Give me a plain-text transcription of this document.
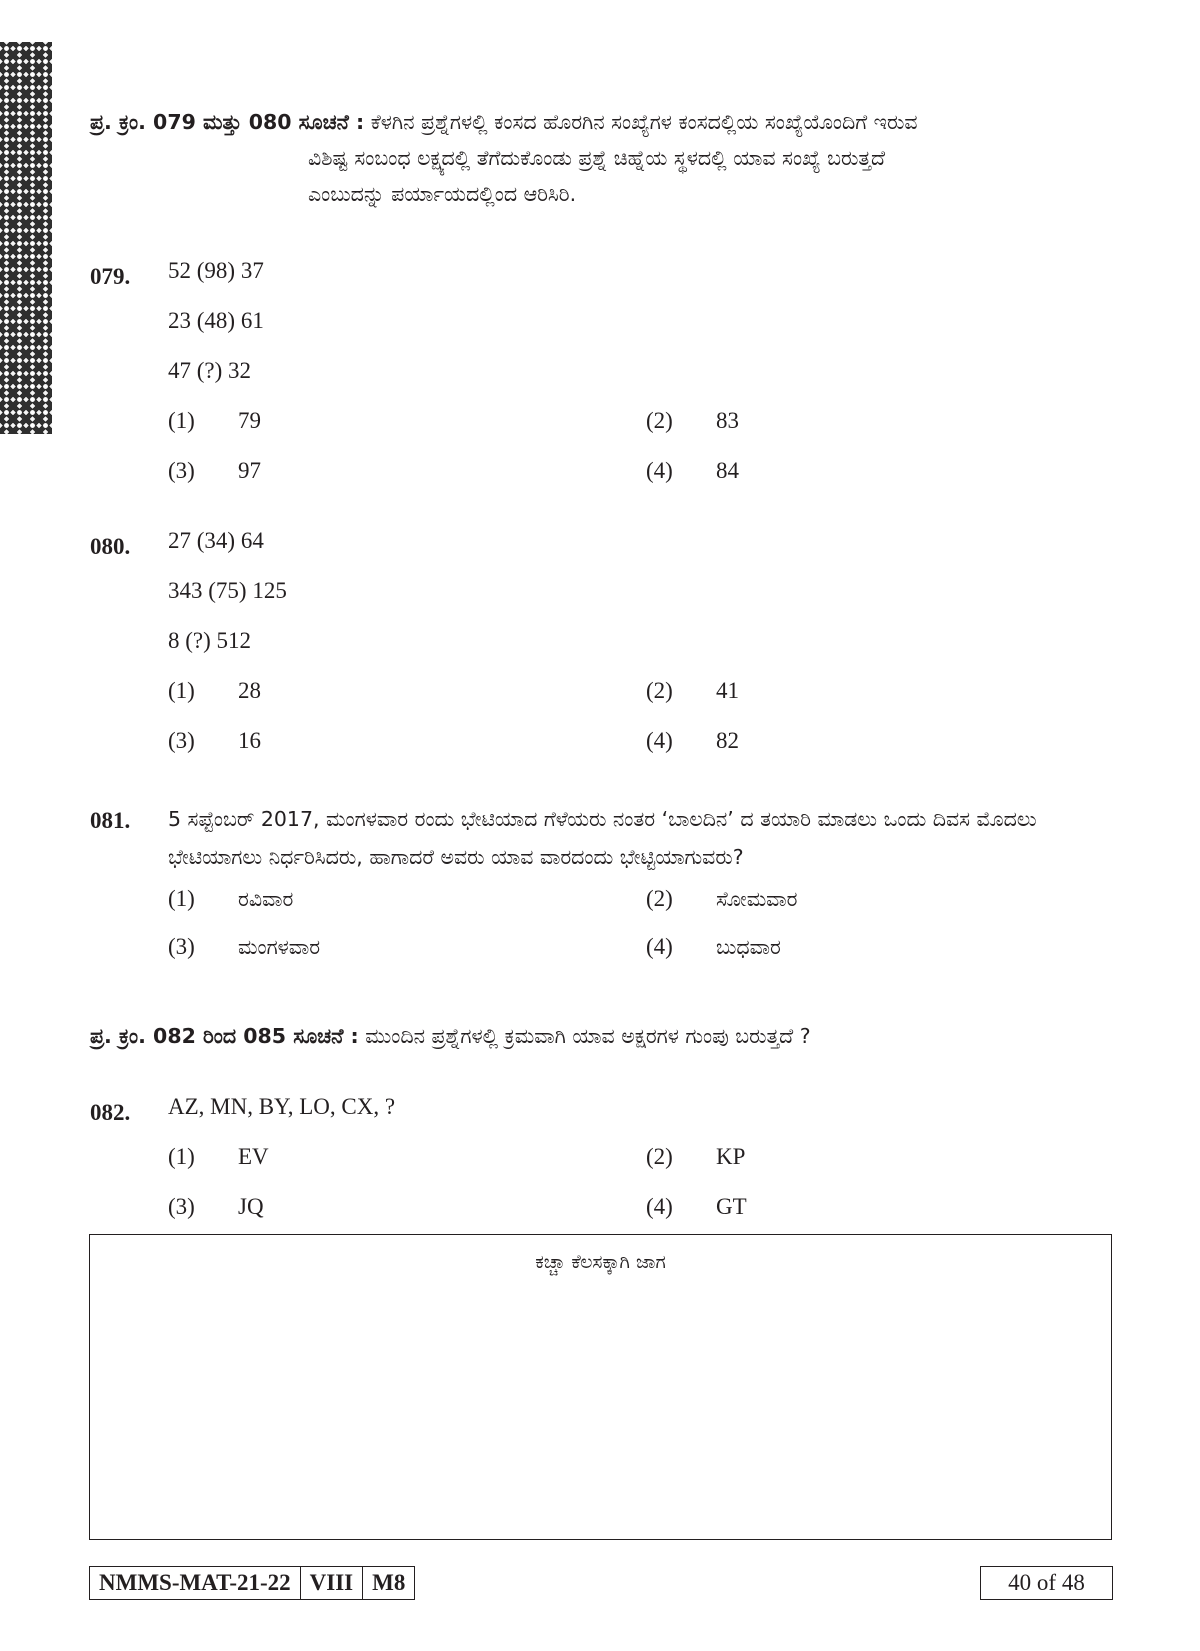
ಪ್ರ. ಕ್ರಂ. 079 ಮತ್ತು 080 ಸೂಚನೆ : ಕೆಳಗಿನ ಪ್ರಶ್ನೆಗಳಲ್ಲಿ ಕಂಸದ ಹೊರಗಿನ ಸಂಖ್ಯೆಗಳ ಕಂಸದಲ್ಲಿಯ ಸಂಖ್ಯೆಯೊಂದಿಗೆ ಇರುವ
ವಿಶಿಷ್ಟ ಸಂಬಂಧ ಲಕ್ಷ್ಯದಲ್ಲಿ ತೆಗೆದುಕೊಂಡು ಪ್ರಶ್ನೆ ಚಿಹ್ನೆಯ ಸ್ಥಳದಲ್ಲಿ ಯಾವ ಸಂಖ್ಯೆ ಬರುತ್ತದೆ
ಎಂಬುದನ್ನು ಪರ್ಯಾಯದಲ್ಲಿಂದ ಆರಿಸಿರಿ.
079. 52 (98) 37
23 (48) 61
47 (?) 32
(1) 79	(2) 83
(3) 97	(4) 84
080. 27 (34) 64
343 (75) 125
8 (?) 512
(1) 28	(2) 41
(3) 16	(4) 82
081. 5 ಸಪ್ಟೆಂಬರ್ 2017, ಮಂಗಳವಾರ ರಂದು ಭೇಟಿಯಾದ ಗೆಳೆಯರು ನಂತರ ‘ಬಾಲದಿನ’ ದ ತಯಾರಿ ಮಾಡಲು ಒಂದು ದಿವಸ ಮೊದಲು ಭೇಟಿಯಾಗಲು ನಿರ್ಧರಿಸಿದರು, ಹಾಗಾದರೆ ಅವರು ಯಾವ ವಾರದಂದು ಭೇಟ್ಟಿಯಾಗುವರು?
(1) ರವಿವಾರ	(2) ಸೋಮವಾರ
(3) ಮಂಗಳವಾರ	(4) ಬುಧವಾರ
ಪ್ರ. ಕ್ರಂ. 082 ರಿಂದ 085 ಸೂಚನೆ : ಮುಂದಿನ ಪ್ರಶ್ನೆಗಳಲ್ಲಿ ಕ್ರಮವಾಗಿ ಯಾವ ಅಕ್ಷರಗಳ ಗುಂಪು ಬರುತ್ತದೆ ?
082. AZ, MN, BY, LO, CX, ?
(1) EV	(2) KP
(3) JQ	(4) GT
ಕಚ್ಚಾ ಕೆಲಸಕ್ಕಾಗಿ ಜಾಗ
NMMS-MAT-21-22 VIII M8	40 of 48
